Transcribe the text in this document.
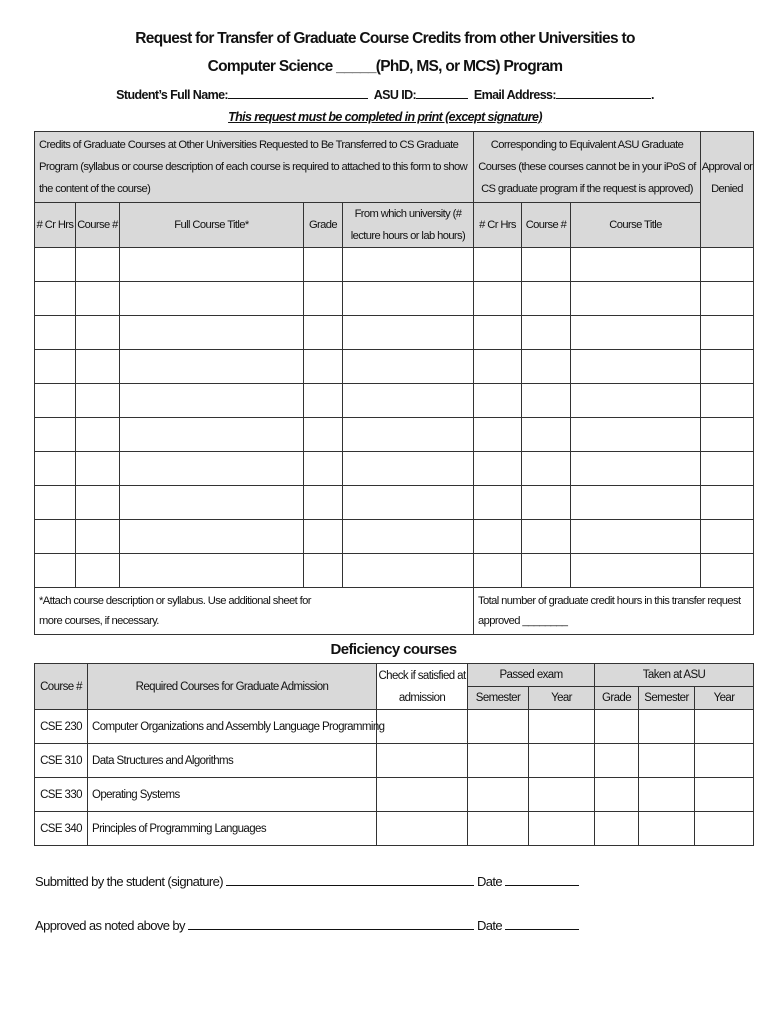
Request for Transfer of Graduate Course Credits from other Universities to
Computer Science _____(PhD, MS, or MCS) Program
Student’s Full Name:	ASU ID:	Email Address:	.
This request must be completed in print (except signature)
Credits of Graduate Courses at Other Universities Requested to Be Transferred to CS Graduate Program (syllabus or course description of each course is required to attached to this form to show the content of the course)					Corresponding to Equivalent ASU Graduate Courses (these courses cannot be in your iPoS of CS graduate program if the request is approved)			Approval or Denied
# Cr Hrs	Course #	Full Course Title*	Grade	From which university (# lecture hours or lab hours)	# Cr Hrs	Course #	Course Title	

*Attach course description or syllabus. Use additional sheet for more courses, if necessary.					Total number of graduate credit hours in this transfer request approved ________			
Course #	Required Courses for Graduate Admission	Check if satisfied at admission	Passed exam		Taken at ASU		
			Semester	Year	Grade	Semester	Year
CSE 230	Computer Organizations and Assembly Language Programming						
CSE 310	Data Structures and Algorithms						
CSE 330	Operating Systems						
CSE 340	Principles of Programming Languages						
Deficiency courses
Submitted by the student (signature)	Date
Approved as noted above by	Date
